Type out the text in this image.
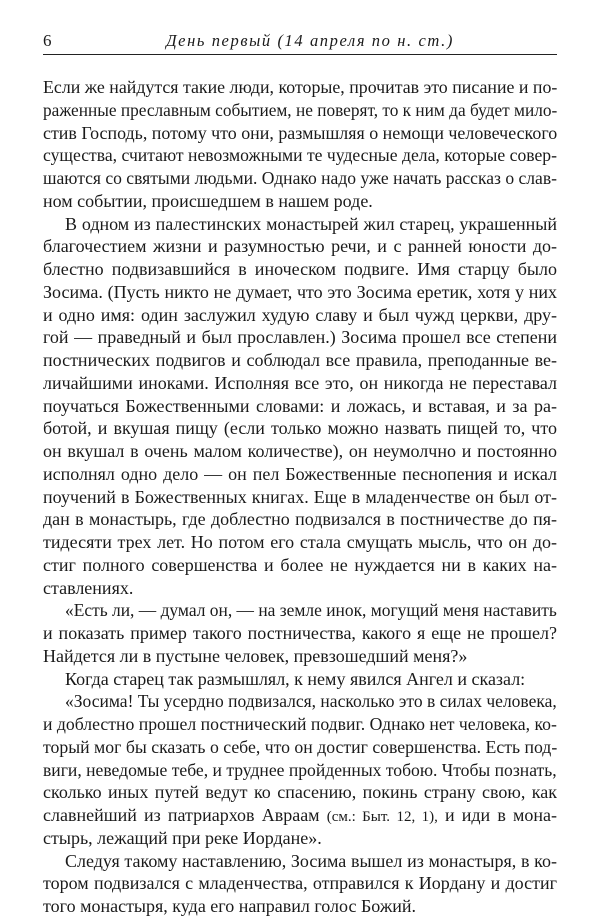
6	День первый (14 апреля по н. ст.)
Если же найдутся такие люди, которые, прочитав это писание и по-
раженные преславным событием, не поверят, то к ним да будет мило-
стив Господь, потому что они, размышляя о немощи человеческого
существа, считают невозможными те чудесные дела, которые совер-
шаются со святыми людьми. Однако надо уже начать рассказ о слав-
ном событии, происшедшем в нашем роде.
В одном из палестинских монастырей жил старец, украшенный
благочестием жизни и разумностью речи, и с ранней юности до-
блестно подвизавшийся в иноческом подвиге. Имя старцу было
Зосима. (Пусть никто не думает, что это Зосима еретик, хотя у них
и одно имя: один заслужил худую славу и был чужд церкви, дру-
гой — праведный и был прославлен.) Зосима прошел все степени
постнических подвигов и соблюдал все правила, преподанные ве-
личайшими иноками. Исполняя все это, он никогда не переставал
поучаться Божественными словами: и ложась, и вставая, и за ра-
ботой, и вкушая пищу (если только можно назвать пищей то, что
он вкушал в очень малом количестве), он неумолчно и постоянно
исполнял одно дело — он пел Божественные песнопения и искал
поучений в Божественных книгах. Еще в младенчестве он был от-
дан в монастырь, где доблестно подвизался в постничестве до пя-
тидесяти трех лет. Но потом его стала смущать мысль, что он до-
стиг полного совершенства и более не нуждается ни в каких на-
ставлениях.
«Есть ли, — думал он, — на земле инок, могущий меня наставить
и показать пример такого постничества, какого я еще не прошел?
Найдется ли в пустыне человек, превзошедший меня?»
Когда старец так размышлял, к нему явился Ангел и сказал:
«Зосима! Ты усердно подвизался, насколько это в силах человека,
и доблестно прошел постнический подвиг. Однако нет человека, ко-
торый мог бы сказать о себе, что он достиг совершенства. Есть под-
виги, неведомые тебе, и труднее пройденных тобою. Чтобы познать,
сколько иных путей ведут ко спасению, покинь страну свою, как
славнейший из патриархов Авраам (см.: Быт. 12, 1), и иди в мона-
стырь, лежащий при реке Иордане».
Следуя такому наставлению, Зосима вышел из монастыря, в ко-
тором подвизался с младенчества, отправился к Иордану и достиг
того монастыря, куда его направил голос Божий.
